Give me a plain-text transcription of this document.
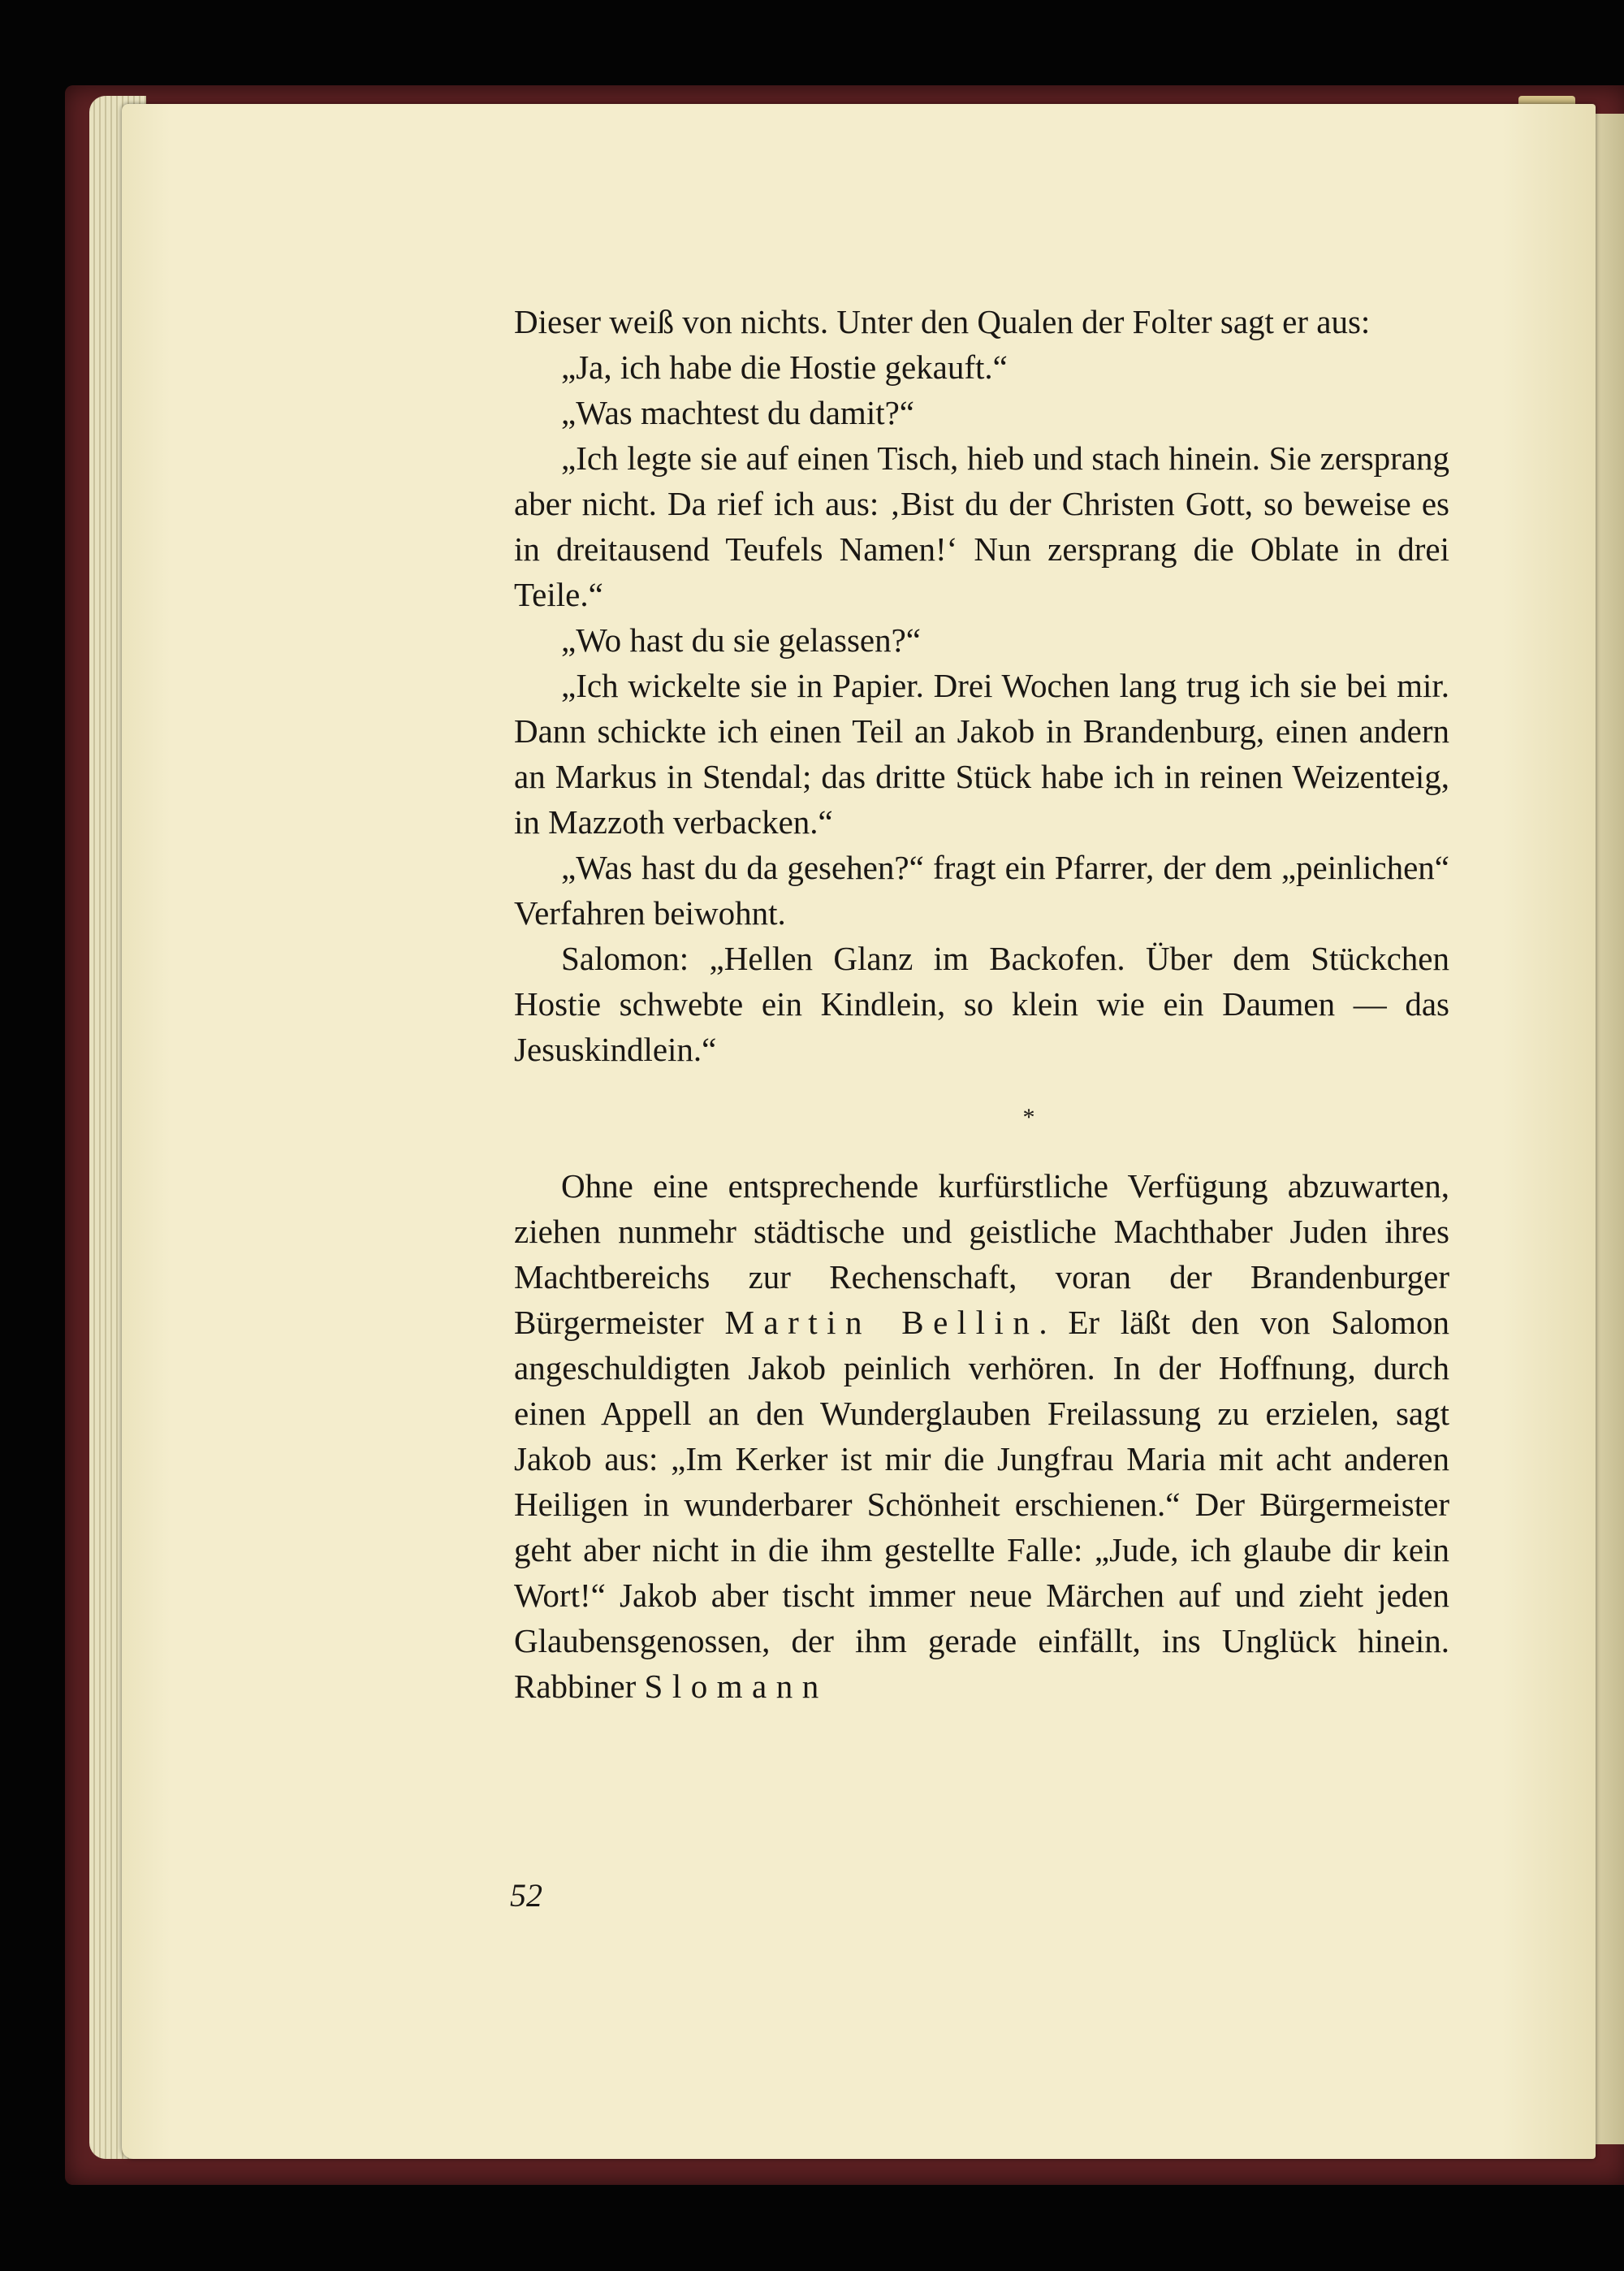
Dieser weiß von nichts. Unter den Qualen der Folter sagt er aus:

„Ja, ich habe die Hostie gekauft.“

„Was machtest du damit?“

„Ich legte sie auf einen Tisch, hieb und stach hinein. Sie zersprang aber nicht. Da rief ich aus: ‚Bist du der Christen Gott, so beweise es in dreitausend Teufels Namen!‘ Nun zersprang die Oblate in drei Teile.“

„Wo hast du sie gelassen?“

„Ich wickelte sie in Papier. Drei Wochen lang trug ich sie bei mir. Dann schickte ich einen Teil an Jakob in Brandenburg, einen andern an Markus in Stendal; das dritte Stück habe ich in reinen Weizenteig, in Mazzoth verbacken.“

„Was hast du da gesehen?“ fragt ein Pfarrer, der dem „peinlichen“ Verfahren beiwohnt.

Salomon: „Hellen Glanz im Backofen. Über dem Stückchen Hostie schwebte ein Kindlein, so klein wie ein Daumen — das Jesuskindlein.“

*

Ohne eine entsprechende kurfürstliche Verfügung abzuwarten, ziehen nunmehr städtische und geistliche Machthaber Juden ihres Machtbereichs zur Rechenschaft, voran der Brandenburger Bürgermeister Martin Bellin. Er läßt den von Salomon angeschuldigten Jakob peinlich verhören. In der Hoffnung, durch einen Appell an den Wunderglauben Freilassung zu erzielen, sagt Jakob aus: „Im Kerker ist mir die Jungfrau Maria mit acht anderen Heiligen in wunderbarer Schönheit erschienen.“ Der Bürgermeister geht aber nicht in die ihm gestellte Falle: „Jude, ich glaube dir kein Wort!“ Jakob aber tischt immer neue Märchen auf und zieht jeden Glaubensgenossen, der ihm gerade einfällt, ins Unglück hinein. Rabbiner Slomann

52
